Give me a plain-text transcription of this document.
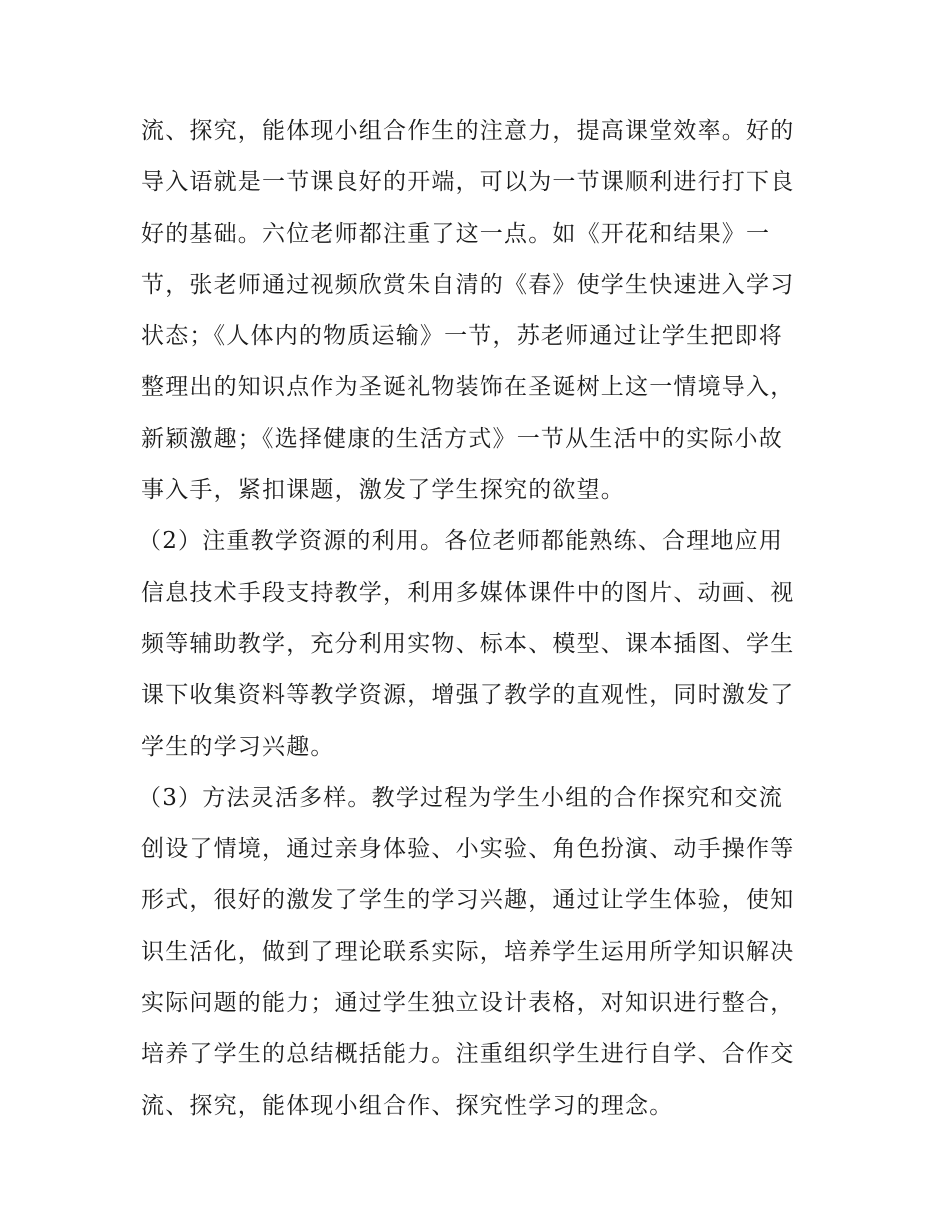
流、探究，能体现小组合作生的注意力，提高课堂效率。好的
导入语就是一节课良好的开端，可以为一节课顺利进行打下良
好的基础。六位老师都注重了这一点。如《开花和结果》一
节，张老师通过视频欣赏朱自清的《春》使学生快速进入学习
状态；《人体内的物质运输》一节，苏老师通过让学生把即将
整理出的知识点作为圣诞礼物装饰在圣诞树上这一情境导入，
新颖激趣；《选择健康的生活方式》一节从生活中的实际小故
事入手，紧扣课题，激发了学生探究的欲望。
（2）注重教学资源的利用。各位老师都能熟练、合理地应用
信息技术手段支持教学，利用多媒体课件中的图片、动画、视
频等辅助教学，充分利用实物、标本、模型、课本插图、学生
课下收集资料等教学资源，增强了教学的直观性，同时激发了
学生的学习兴趣。
（3）方法灵活多样。教学过程为学生小组的合作探究和交流
创设了情境，通过亲身体验、小实验、角色扮演、动手操作等
形式，很好的激发了学生的学习兴趣，通过让学生体验，使知
识生活化，做到了理论联系实际，培养学生运用所学知识解决
实际问题的能力；通过学生独立设计表格，对知识进行整合，
培养了学生的总结概括能力。注重组织学生进行自学、合作交
流、探究，能体现小组合作、探究性学习的理念。
